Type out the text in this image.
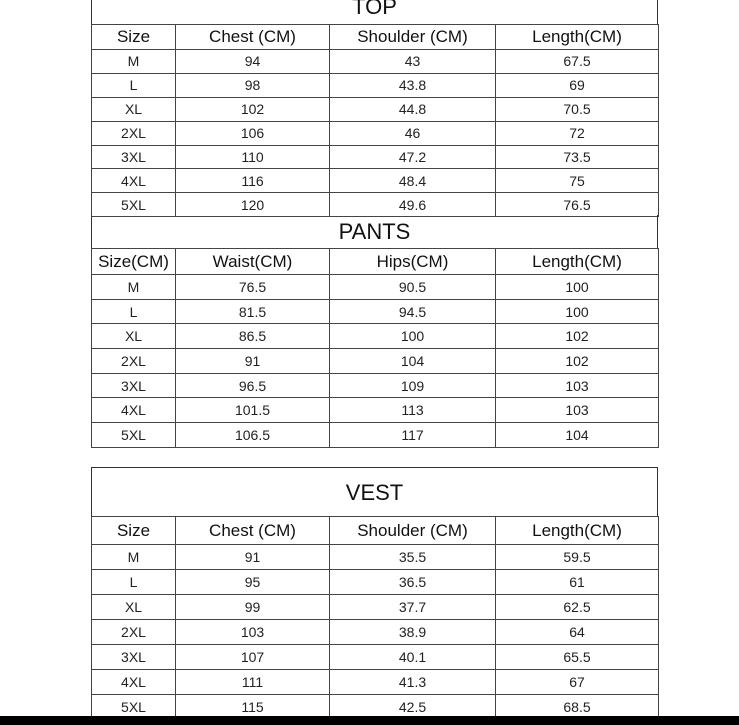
TOP
Size	Chest (CM)	Shoulder (CM)	Length(CM)
M	94	43	67.5
L	98	43.8	69
XL	102	44.8	70.5
2XL	106	46	72
3XL	110	47.2	73.5
4XL	116	48.4	75
5XL	120	49.6	76.5
PANTS
Size(CM)	Waist(CM)	Hips(CM)	Length(CM)
M	76.5	90.5	100
L	81.5	94.5	100
XL	86.5	100	102
2XL	91	104	102
3XL	96.5	109	103
4XL	101.5	113	103
5XL	106.5	117	104
VEST
Size	Chest (CM)	Shoulder (CM)	Length(CM)
M	91	35.5	59.5
L	95	36.5	61
XL	99	37.7	62.5
2XL	103	38.9	64
3XL	107	40.1	65.5
4XL	111	41.3	67
5XL	115	42.5	68.5
